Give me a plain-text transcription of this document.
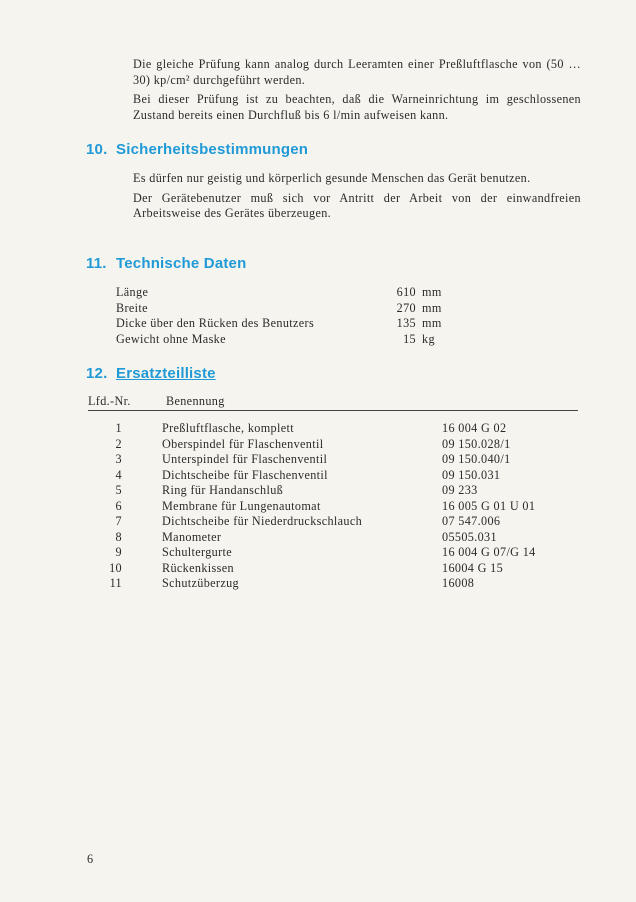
Die gleiche Prüfung kann analog durch Leeramten einer Preßluftflasche von (50 … 30) kp/cm² durchgeführt werden.

Bei dieser Prüfung ist zu beachten, daß die Warneinrichtung im geschlossenen Zustand bereits einen Durchfluß bis 6 l/min aufweisen kann.

10. Sicherheitsbestimmungen

Es dürfen nur geistig und körperlich gesunde Menschen das Gerät benutzen.

Der Gerätebenutzer muß sich vor Antritt der Arbeit von der einwandfreien Arbeitsweise des Gerätes überzeugen.

11. Technische Daten
Länge	610 mm
Breite	270 mm
Dicke über den Rücken des Benutzers	135 mm
Gewicht ohne Maske	15 kg
12. Ersatzteilliste
Lfd.-Nr.	Benennung
1	Preßluftflasche, komplett	16 004 G 02
2	Oberspindel für Flaschenventil	09 150.028/1
3	Unterspindel für Flaschenventil	09 150.040/1
4	Dichtscheibe für Flaschenventil	09 150.031
5	Ring für Handanschluß	09 233
6	Membrane für Lungenautomat	16 005 G 01 U 01
7	Dichtscheibe für Niederdruckschlauch	07 547.006
8	Manometer	05505.031
9	Schultergurte	16 004 G 07/G 14
10	Rückenkissen	16004 G 15
11	Schutzüberzug	16008
6
